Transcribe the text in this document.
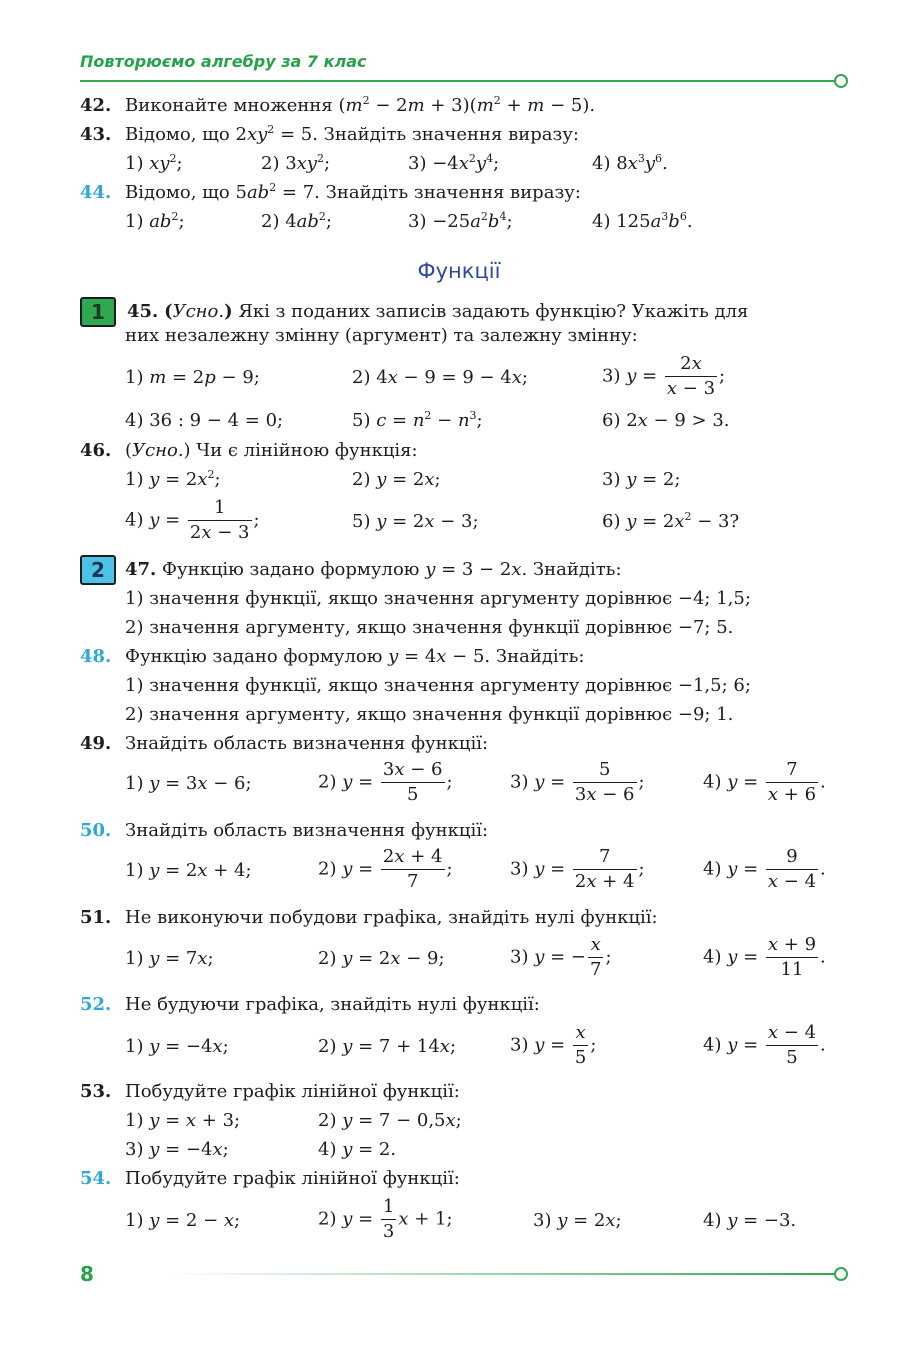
Повторюємо алгебру за 7 клас
42. Виконайте множення $(m^2 - 2m + 3)(m^2 + m - 5)$.
43. Відомо, що $2xy^2 = 5$. Знайдіть значення виразу:
1) $xy^2$;	2) $3xy^2$;	$3) -4x^2y^4$;	4) $8x^3y^6$.
44. Відомо, що $5ab^2 = 7$. Знайдіть значення виразу:
1) $ab^2$;	2) $4ab^2$;	$3) -25a^2b^4$;	4) $125a^3b^6$.
Функції
1	45. (Усно.) Які з поданих записів задають функцію? Укажіть для
них незалежну змінну (аргумент) та залежну змінну:
1) m = 2p − 9;	2) 4x − 9 = 9 − 4x;	3) $y = \frac{2x}{x - 3}$ ;
4) 36 : 9 − 4 = 0;	5) $c = n^2 - n^3$;	6) 2x − 9 > 3.
46. (Усно.) Чи є лінійною функція:
1) $y = 2x^2$;	2) y = 2x;	3) y = 2;
4) $y = \frac{1}{2x - 3}$ ;	5) y = 2x − 3;	6) $y = 2x^2 - 3$?
2	47. Функцію задано формулою y = 3 − 2x. Знайдіть:
1) значення функції, якщо значення аргументу дорівнює −4; 1,5;
2) значення аргументу, якщо значення функції дорівнює −7; 5.
48. Функцію задано формулою y = 4x − 5. Знайдіть:
1) значення функції, якщо значення аргументу дорівнює −1,5; 6;
2) значення аргументу, якщо значення функції дорівнює −9; 1.
49. Знайдіть область визначення функції:
1) y = 3x − 6;	2) $y = \frac{3x - 6}{5}$ ;	3) $y = \frac{5}{3x - 6}$ ;	4) $y = \frac{7}{x + 6}$ .
50. Знайдіть область визначення функції:
1) y = 2x + 4;	2) $y = \frac{2x + 4}{7}$ ;	3) $y = \frac{7}{2x + 4}$ ;	4) $y = \frac{9}{x - 4}$ .
51. Не виконуючи побудови графіка, знайдіть нулі функції:
1) y = 7x;	2) y = 2x − 9;	3) y = − $\frac{x}{7}$ ;	4) $y = \frac{x + 9}{11}$ .
52. Не будуючи графіка, знайдіть нулі функції:
1) y = −4x;	2) y = 7 + 14x;	3) $y = \frac{x}{5}$ ;	4) $y = \frac{x - 4}{5}$ .
53. Побудуйте графік лінійної функції:
1) y = x + 3;	2) y = 7 − 0,5x;
3) y = −4x;	4) y = 2.
54. Побудуйте графік лінійної функції:
1) y = 2 − x;	2) $y = \frac{1}{3}$ x + 1;	3) y = 2x;	4) y = −3.
8
